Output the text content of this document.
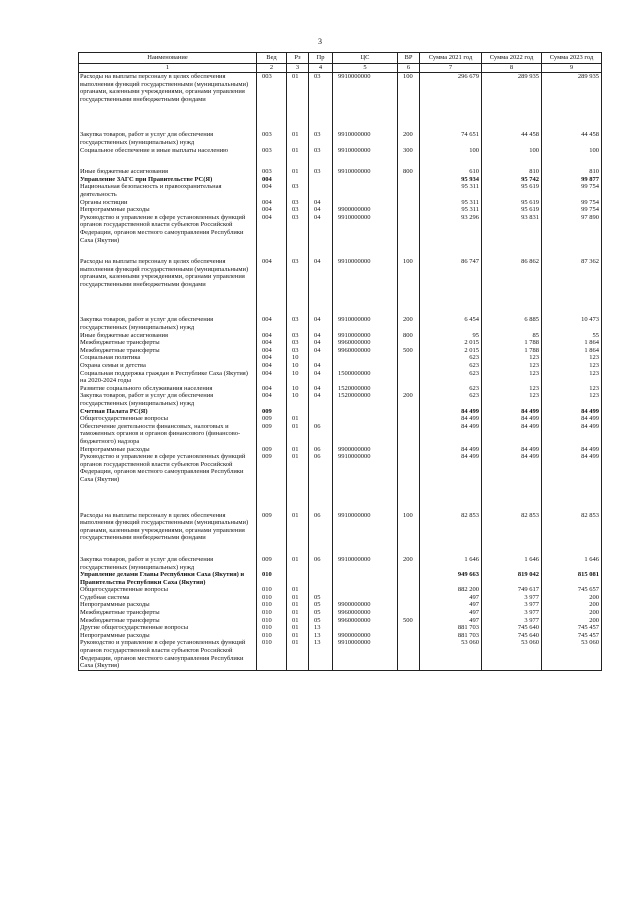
3
Наименование	Вед	Рз	Пр	ЦС	ВР	Сумма 2021 год	Сумма 2022 год	Сумма 2023 год
1	2	3	4	5	6	7	8	9
Расходы на выплаты персоналу в целях обеспечения выполнения функций государственными (муниципальными) органами, казенными учреждениями, органами управления государственными внебюджетными фондами	003	01	03	9910000000	100	296 679	289 935	289 935

Закупка товаров, работ и услуг для обеспечения государственных (муниципальных) нужд	003	01	03	9910000000	200	74 651	44 458	44 458
Социальное обеспечение и иные выплаты населению	003	01	03	9910000000	300	100	100	100

Иные бюджетные ассигнования	003	01	03	9910000000	800	610	810	810
Управление ЗАГС при Правительстве РС(Я)	004					95 934	95 742	99 877
Национальная безопасность и правоохранительная деятельность	004	03				95 311	95 619	99 754
Органы юстиции	004	03	04			95 311	95 619	99 754
Непрограммные расходы	004	03	04	9900000000		95 311	95 619	99 754
Руководство и управление в сфере установленных функций органов государственной власти субъектов Российской Федерации, органов местного самоуправления Республики Саха (Якутия)	004	03	04	9910000000		93 296	93 831	97 890

Расходы на выплаты персоналу в целях обеспечения выполнения функций государственными (муниципальными) органами, казенными учреждениями, органами управления государственными внебюджетными фондами	004	03	04	9910000000	100	86 747	86 862	87 362

Закупка товаров, работ и услуг для обеспечения государственных (муниципальных) нужд	004	03	04	9910000000	200	6 454	6 885	10 473
Иные бюджетные ассигнования	004	03	04	9910000000	800	95	85	55
Межбюджетные трансферты	004	03	04	9960000000		2 015	1 788	1 864
Межбюджетные трансферты	004	03	04	9960000000	500	2 015	1 788	1 864
Социальная политика	004	10				623	123	123
Охрана семьи и детства	004	10	04			623	123	123
Социальная поддержка граждан в Республике Саха (Якутия) на 2020-2024 годы	004	10	04	1500000000		623	123	123
Развитие социального обслуживания населения	004	10	04	1520000000		623	123	123
Закупка товаров, работ и услуг для обеспечения государственных (муниципальных) нужд	004	10	04	1520000000	200	623	123	123
Счетная Палата РС(Я)	009					84 499	84 499	84 499
Общегосударственные вопросы	009	01				84 499	84 499	84 499
Обеспечение деятельности финансовых, налоговых и таможенных органов и органов финансового (финансово-бюджетного) надзора	009	01	06			84 499	84 499	84 499
Непрограммные расходы	009	01	06	9900000000		84 499	84 499	84 499
Руководство и управление в сфере установленных функций органов государственной власти субъектов Российской Федерации, органов местного самоуправления Республики Саха (Якутия)	009	01	06	9910000000		84 499	84 499	84 499

Расходы на выплаты персоналу в целях обеспечения выполнения функций государственными (муниципальными) органами, казенными учреждениями, органами управления государственными внебюджетными фондами	009	01	06	9910000000	100	82 853	82 853	82 853

Закупка товаров, работ и услуг для обеспечения государственных (муниципальных) нужд	009	01	06	9910000000	200	1 646	1 646	1 646
Управление делами Главы Республики Саха (Якутия) и Правительства Республики Саха (Якутия)	010					949 663	819 042	815 081
Общегосударственные вопросы	010	01				882 200	749 617	745 657
Судебная система	010	01	05			497	3 977	200
Непрограммные расходы	010	01	05	9900000000		497	3 977	200
Межбюджетные трансферты	010	01	05	9960000000		497	3 977	200
Межбюджетные трансферты	010	01	05	9960000000	500	497	3 977	200
Другие общегосударственные вопросы	010	01	13			881 703	745 640	745 457
Непрограммные расходы	010	01	13	9900000000		881 703	745 640	745 457
Руководство и управление в сфере установленных функций органов государственной власти субъектов Российской Федерации, органов местного самоуправления Республики Саха (Якутия)	010	01	13	9910000000		53 060	53 060	53 060
